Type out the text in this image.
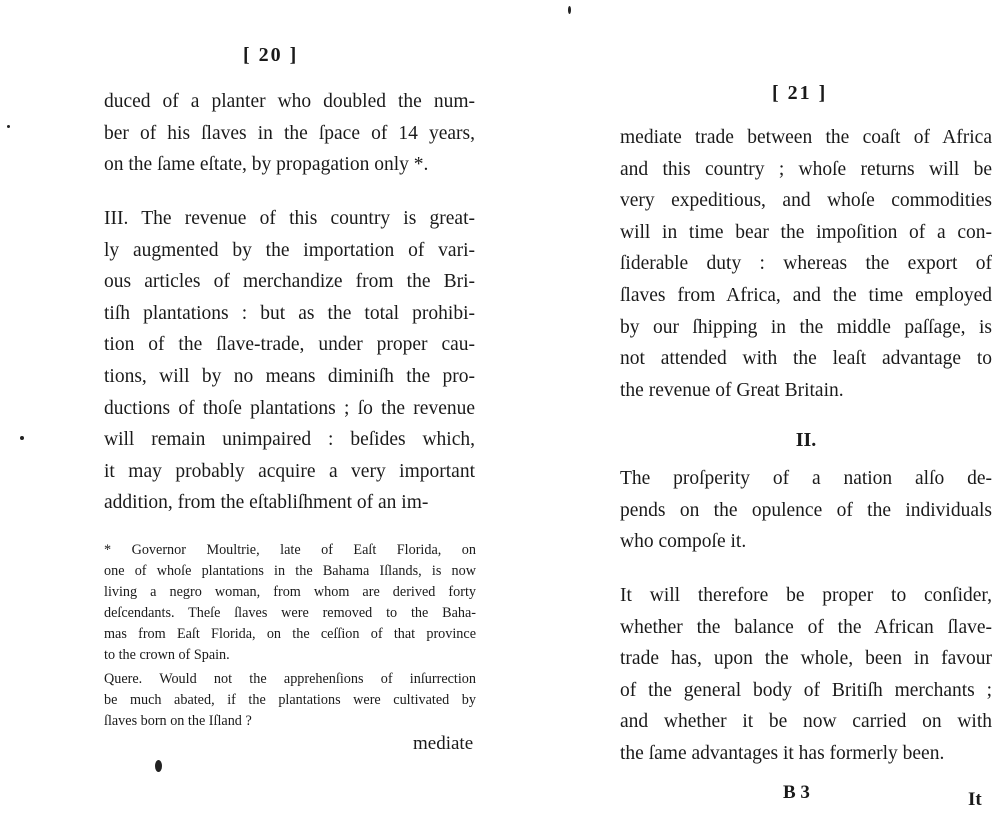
[ 20 ]
duced of a planter who doubled the num-
ber of his ſlaves in the ſpace of 14 years,
on the ſame eſtate, by propagation only *.
III. The revenue of this country is great-
ly augmented by the importation of vari-
ous articles of merchandize from the Bri-
tiſh plantations : but as the total prohibi-
tion of the ſlave-trade, under proper cau-
tions, will by no means diminiſh the pro-
ductions of thoſe plantations ; ſo the revenue
will remain unimpaired : beſides which,
it may probably acquire a very important
addition, from the eſtabliſhment of an im-
* Governor Moultrie, late of Eaſt Florida, on
one of whoſe plantations in the Bahama Iſlands, is now
living a negro woman, from whom are derived forty
deſcendants. Theſe ſlaves were removed to the Baha-
mas from Eaſt Florida, on the ceſſion of that province
to the crown of Spain.
Quere. Would not the apprehenſions of inſurrection
be much abated, if the plantations were cultivated by
ſlaves born on the Iſland ?
mediate
[ 21 ]
mediate trade between the coaſt of Africa
and this country ; whoſe returns will be
very expeditious, and whoſe commodities
will in time bear the impoſition of a con-
ſiderable duty : whereas the export of
ſlaves from Africa, and the time employed
by our ſhipping in the middle paſſage, is
not attended with the leaſt advantage to
the revenue of Great Britain.
II.
The proſperity of a nation alſo de-
pends on the opulence of the individuals
who compoſe it.
It will therefore be proper to conſider,
whether the balance of the African ſlave-
trade has, upon the whole, been in favour
of the general body of Britiſh merchants ;
and whether it be now carried on with
the ſame advantages it has formerly been.
B 3	It
